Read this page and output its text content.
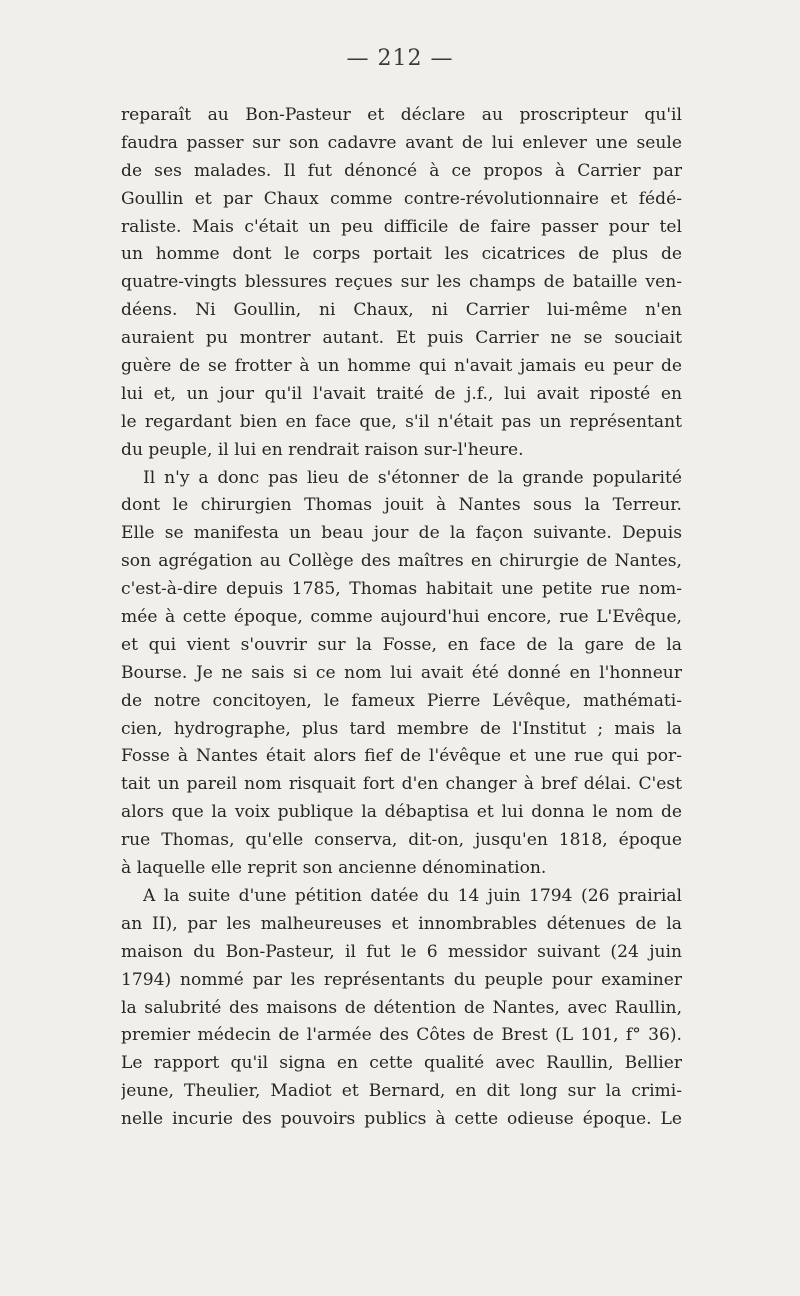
— 212 —
reparaît au Bon-Pasteur et déclare au proscripteur qu'il
faudra passer sur son cadavre avant de lui enlever une seule
de ses malades. Il fut dénoncé à ce propos à Carrier par
Goullin et par Chaux comme contre-révolutionnaire et fédé-
raliste. Mais c'était un peu difficile de faire passer pour tel
un homme dont le corps portait les cicatrices de plus de
quatre-vingts blessures reçues sur les champs de bataille ven-
déens. Ni Goullin, ni Chaux, ni Carrier lui-même n'en
auraient pu montrer autant. Et puis Carrier ne se souciait
guère de se frotter à un homme qui n'avait jamais eu peur de
lui et, un jour qu'il l'avait traité de j.f., lui avait riposté en
le regardant bien en face que, s'il n'était pas un représentant
du peuple, il lui en rendrait raison sur-l'heure.
Il n'y a donc pas lieu de s'étonner de la grande popularité
dont le chirurgien Thomas jouit à Nantes sous la Terreur.
Elle se manifesta un beau jour de la façon suivante. Depuis
son agrégation au Collège des maîtres en chirurgie de Nantes,
c'est-à-dire depuis 1785, Thomas habitait une petite rue nom-
mée à cette époque, comme aujourd'hui encore, rue L'Evêque,
et qui vient s'ouvrir sur la Fosse, en face de la gare de la
Bourse. Je ne sais si ce nom lui avait été donné en l'honneur
de notre concitoyen, le fameux Pierre Lévêque, mathémati-
cien, hydrographe, plus tard membre de l'Institut ; mais la
Fosse à Nantes était alors fief de l'évêque et une rue qui por-
tait un pareil nom risquait fort d'en changer à bref délai. C'est
alors que la voix publique la débaptisa et lui donna le nom de
rue Thomas, qu'elle conserva, dit-on, jusqu'en 1818, époque
à laquelle elle reprit son ancienne dénomination.
A la suite d'une pétition datée du 14 juin 1794 (26 prairial
an II), par les malheureuses et innombrables détenues de la
maison du Bon-Pasteur, il fut le 6 messidor suivant (24 juin
1794) nommé par les représentants du peuple pour examiner
la salubrité des maisons de détention de Nantes, avec Raullin,
premier médecin de l'armée des Côtes de Brest (L 101, f° 36).
Le rapport qu'il signa en cette qualité avec Raullin, Bellier
jeune, Theulier, Madiot et Bernard, en dit long sur la crimi-
nelle incurie des pouvoirs publics à cette odieuse époque. Le
